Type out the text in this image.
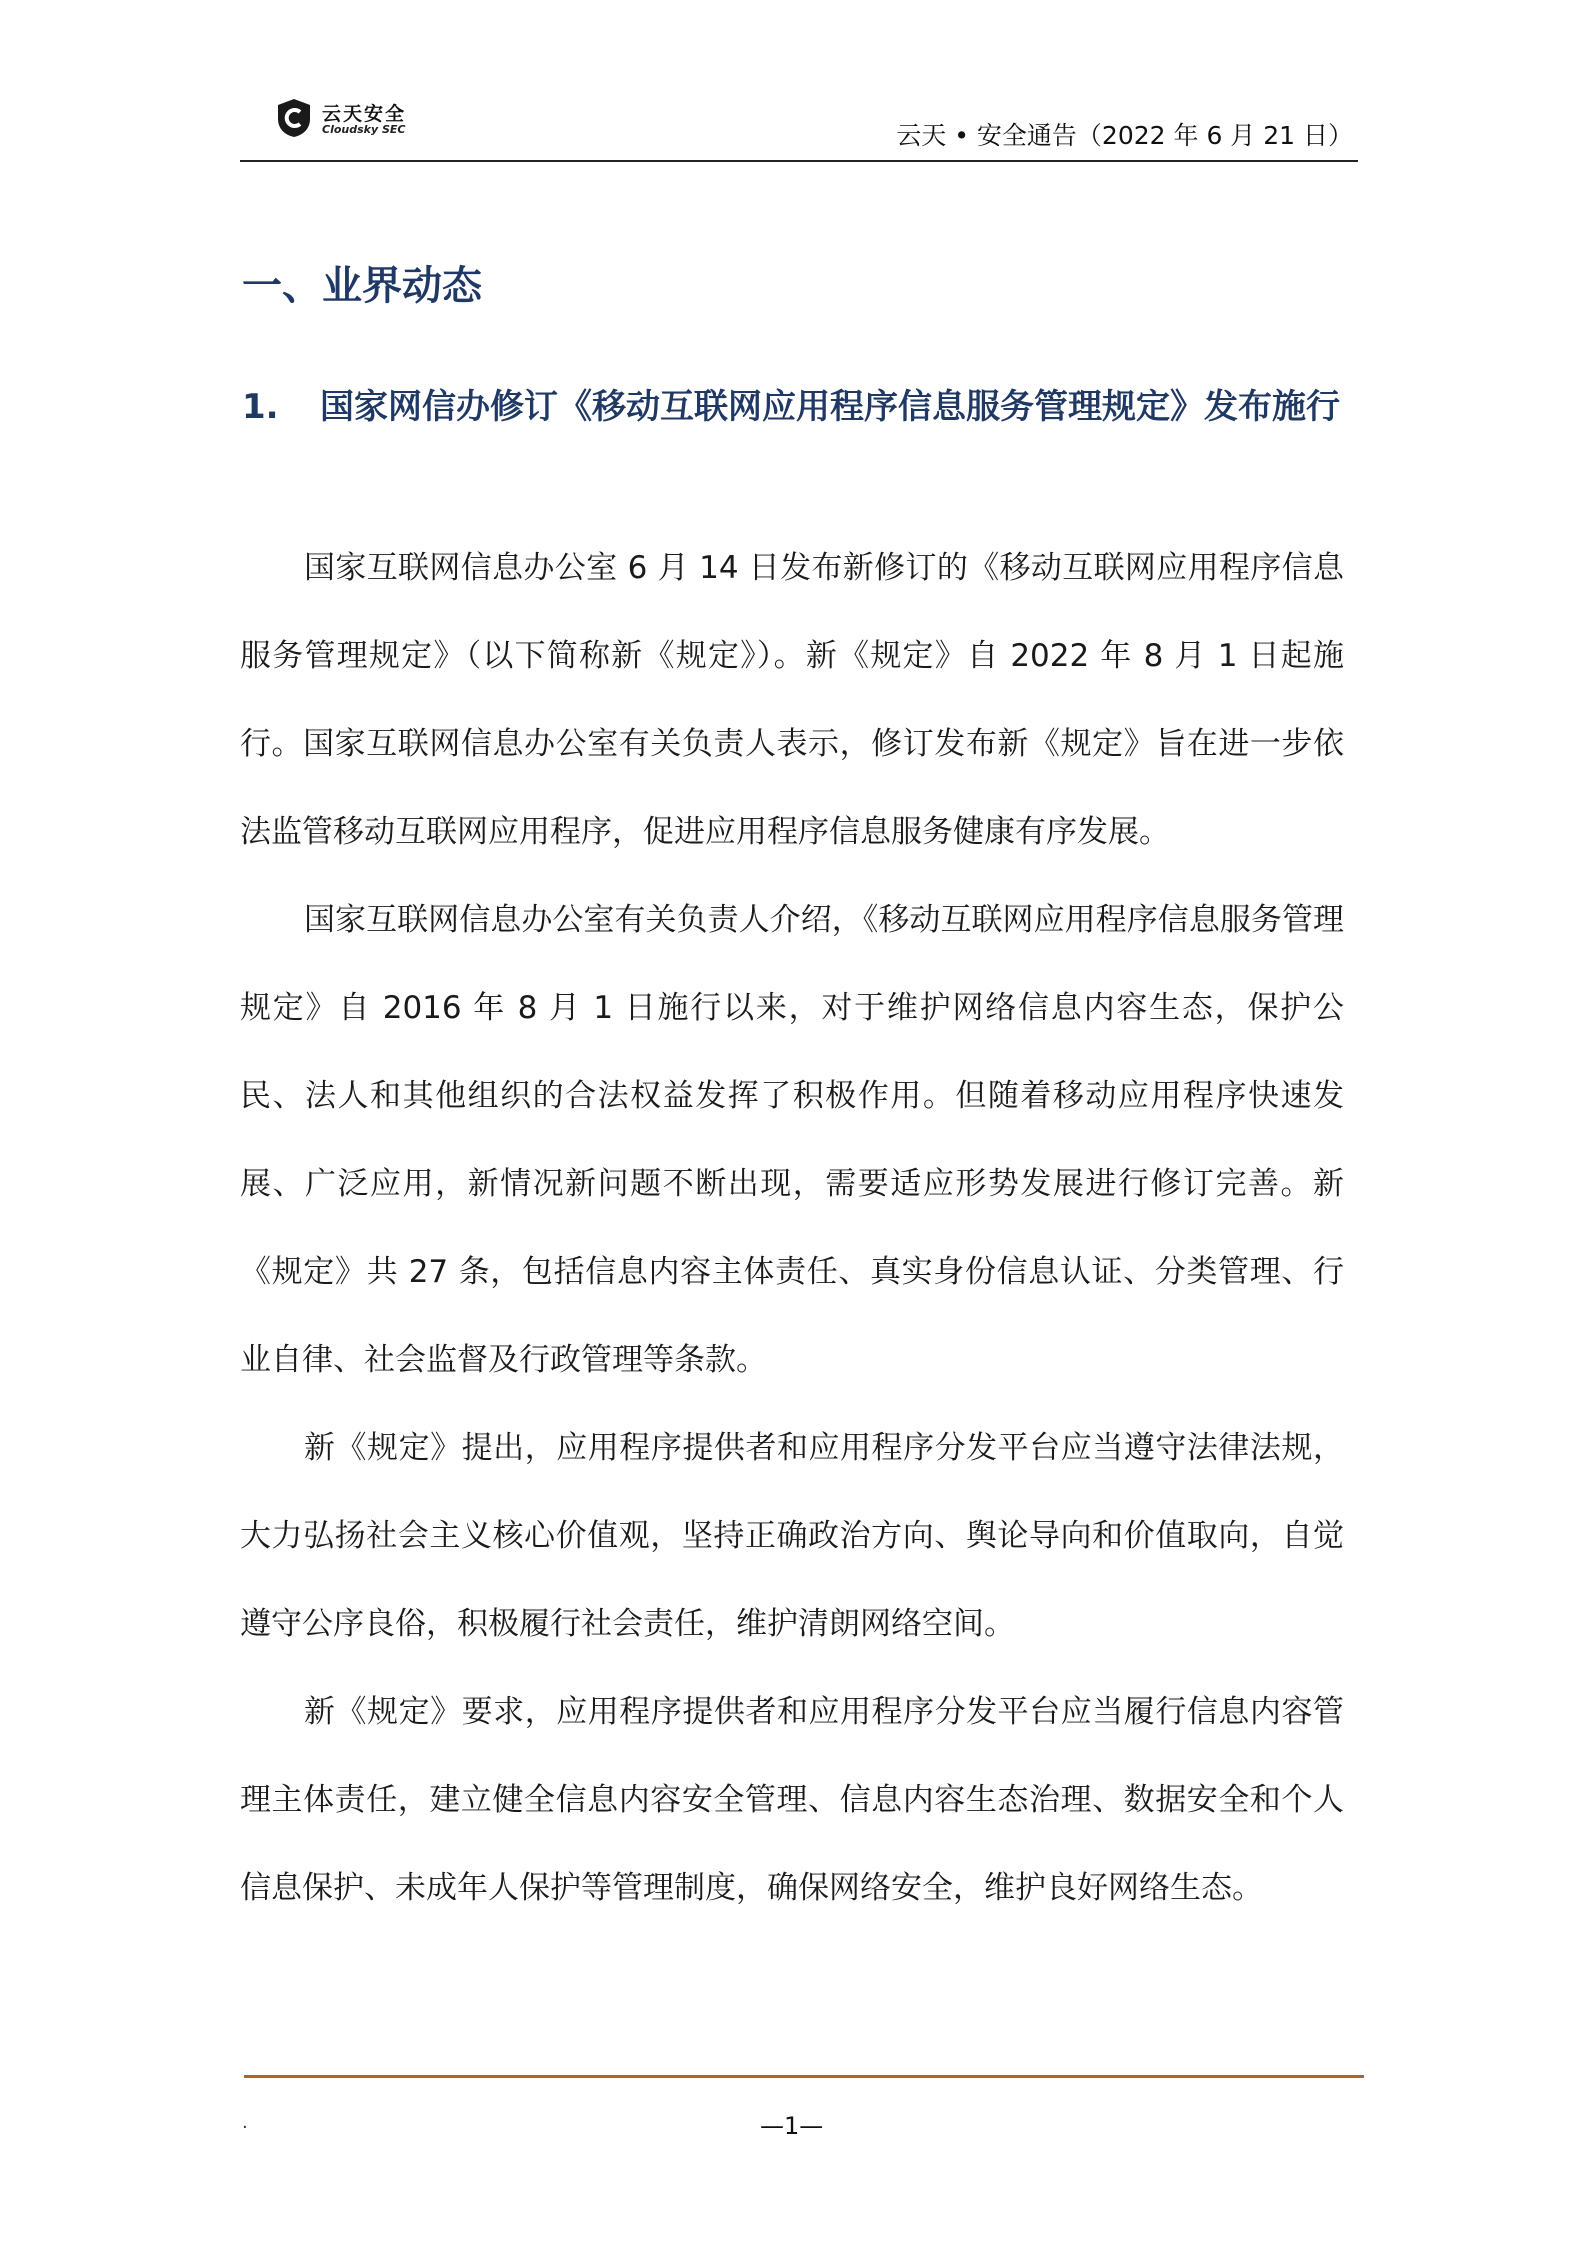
云天安全
Cloudsky SEC	云天 • 安全通告（2022 年 6 月 21 日）
一、业界动态
1. 国家网信办修订《移动互联网应用程序信息服务管理规定》发布施行

国家互联网信息办公室 6 月 14 日发布新修订的《移动互联网应用程序信息服务管理规定》（以下简称新《规定》）。新《规定》自 2022 年 8 月 1 日起施行。国家互联网信息办公室有关负责人表示，修订发布新《规定》旨在进一步依法监管移动互联网应用程序，促进应用程序信息服务健康有序发展。

国家互联网信息办公室有关负责人介绍，《移动互联网应用程序信息服务管理规定》自 2016 年 8 月 1 日施行以来，对于维护网络信息内容生态，保护公民、法人和其他组织的合法权益发挥了积极作用。但随着移动应用程序快速发展、广泛应用，新情况新问题不断出现，需要适应形势发展进行修订完善。新《规定》共 27 条，包括信息内容主体责任、真实身份信息认证、分类管理、行业自律、社会监督及行政管理等条款。

新《规定》提出，应用程序提供者和应用程序分发平台应当遵守法律法规，大力弘扬社会主义核心价值观，坚持正确政治方向、舆论导向和价值取向，自觉遵守公序良俗，积极履行社会责任，维护清朗网络空间。

新《规定》要求，应用程序提供者和应用程序分发平台应当履行信息内容管理主体责任，建立健全信息内容安全管理、信息内容生态治理、数据安全和个人信息保护、未成年人保护等管理制度，确保网络安全，维护良好网络生态。

.	—1—
